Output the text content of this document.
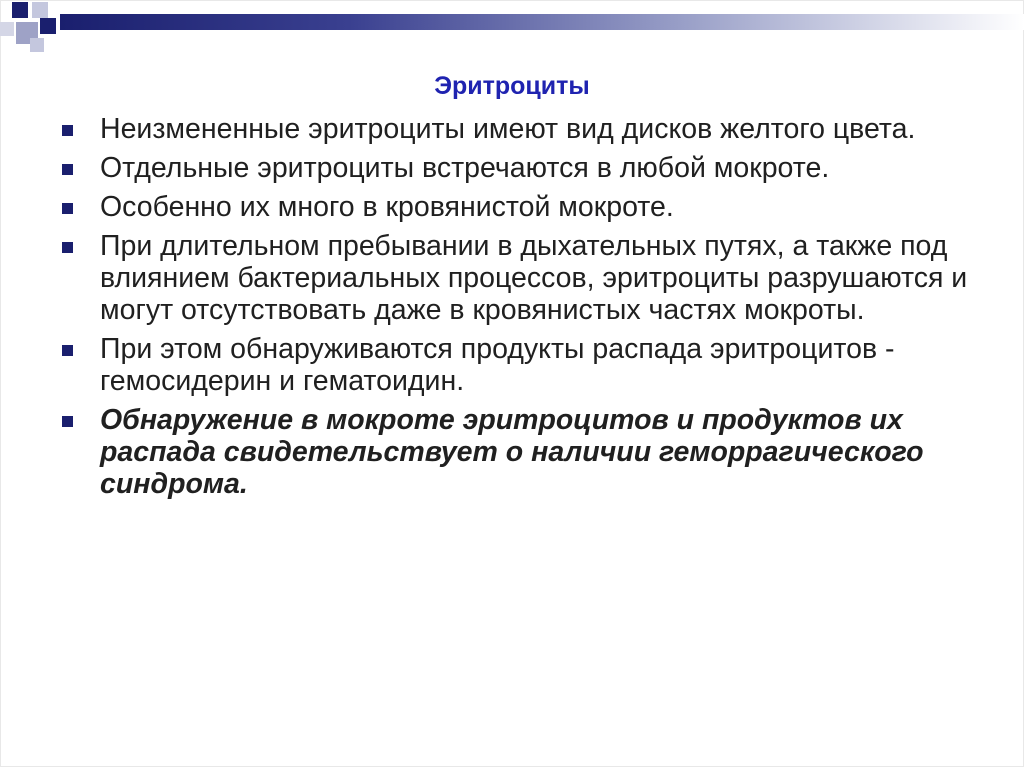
Эритроциты
Неизмененные эритроциты имеют вид дисков желтого цвета.
Отдельные эритроциты встречаются в любой мокроте.
Особенно их много в кровянистой мокроте.
При длительном пребывании в дыхательных путях, а также под влиянием бактериальных процессов, эритроциты разрушаются и могут отсутствовать даже в кровянистых частях мокроты.
При этом обнаруживаются продукты распада эритроцитов - гемосидерин и гематоидин.
Обнаружение в мокроте эритроцитов и продуктов их распада свидетельствует о наличии геморрагического синдрома.
